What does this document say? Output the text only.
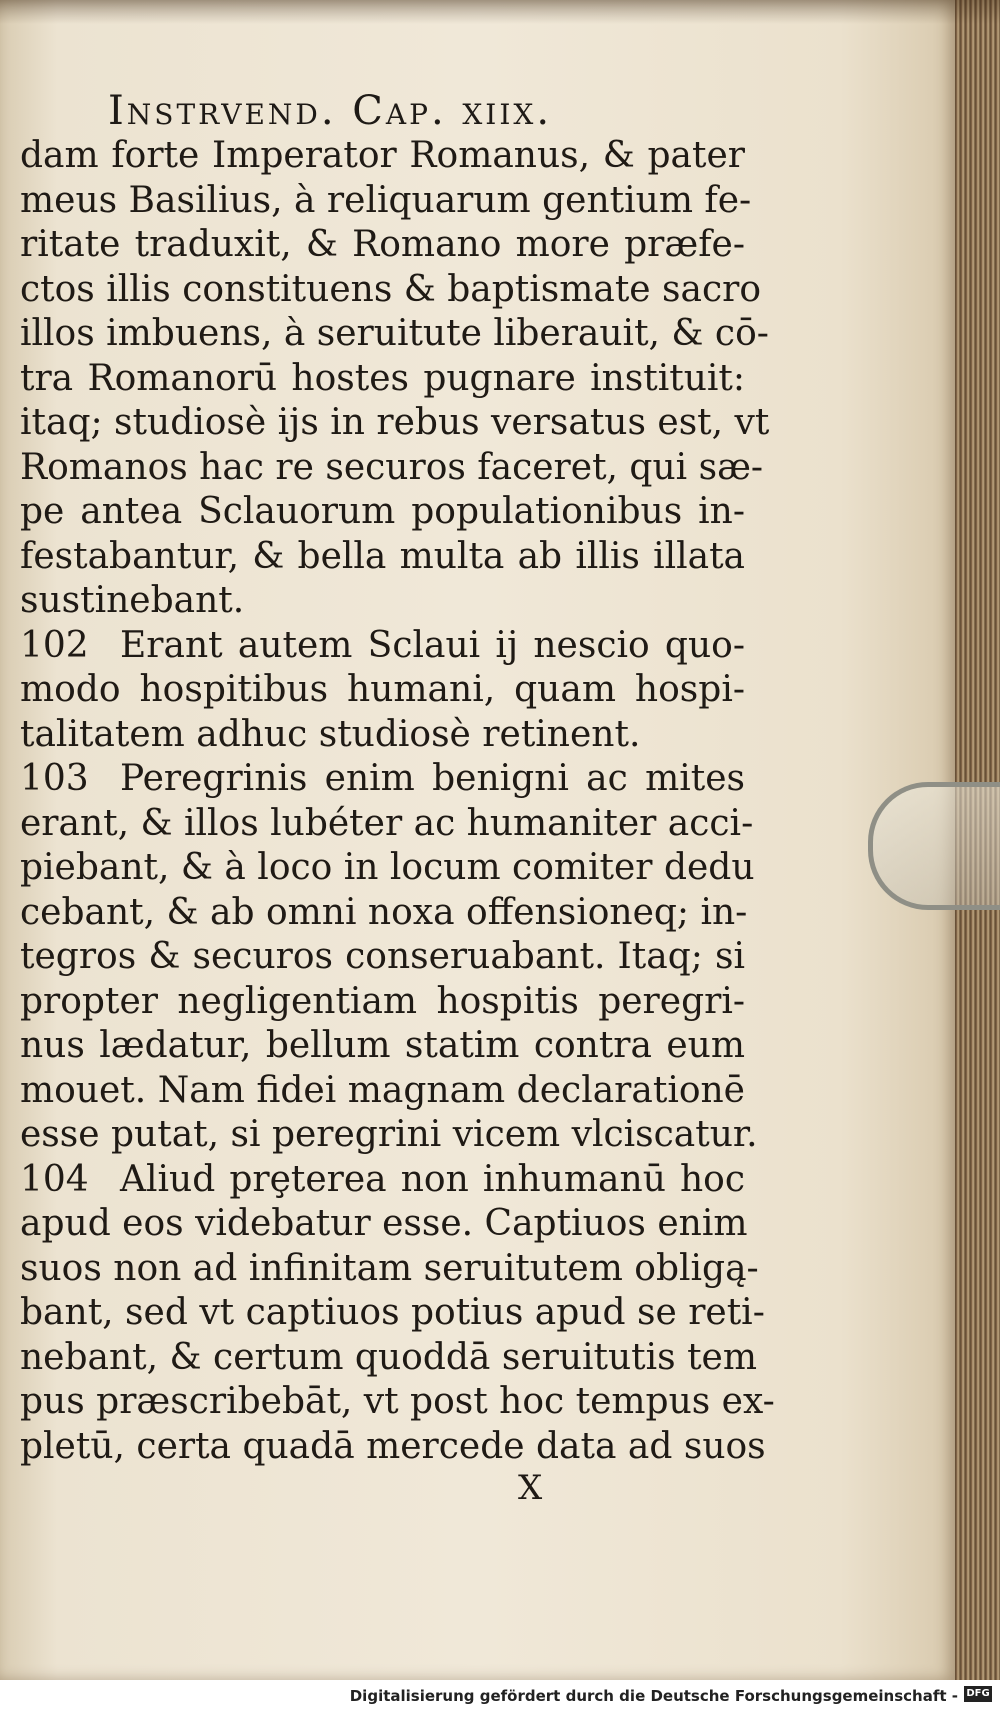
Instrvend. Cap. xiix.
dam forte Imperator Romanus, & pater
meus Basilius, à reliquarum gentium fe-
ritate traduxit, & Romano more præfe-
ctos illis constituens & baptismate sacro
illos imbuens, à seruitute liberauit, & cō-
tra Romanorū hostes pugnare instituit:
itaq; studiosè ijs in rebus versatus est, vt
Romanos hac re securos faceret, qui sæ-
pe antea Sclauorum populationibus in-
festabantur, & bella multa ab illis illata
sustinebant.
102 Erant autem Sclaui ij nescio quo-
modo hospitibus humani, quam hospi-
talitatem adhuc studiosè retinent.
103 Peregrinis enim benigni ac mites
erant, & illos lubéter ac humaniter acci-
piebant, & à loco in locum comiter dedu
cebant, & ab omni noxa offensioneq; in-
tegros & securos conseruabant. Itaq; si
propter negligentiam hospitis peregri-
nus lædatur, bellum statim contra eum
mouet. Nam fidei magnam declarationē
esse putat, si peregrini vicem vlciscatur.
104 Aliud prȩterea non inhumanū hoc
apud eos videbatur esse. Captiuos enim
suos non ad infinitam seruitutem obligą-
bant, sed vt captiuos potius apud se reti-
nebant, & certum quoddā seruitutis tem
pus præscribebāt, vt post hoc tempus ex-
pletū, certa quadā mercede data ad suos
X
Digitalisierung gefördert durch die Deutsche Forschungsgemeinschaft - DFG
